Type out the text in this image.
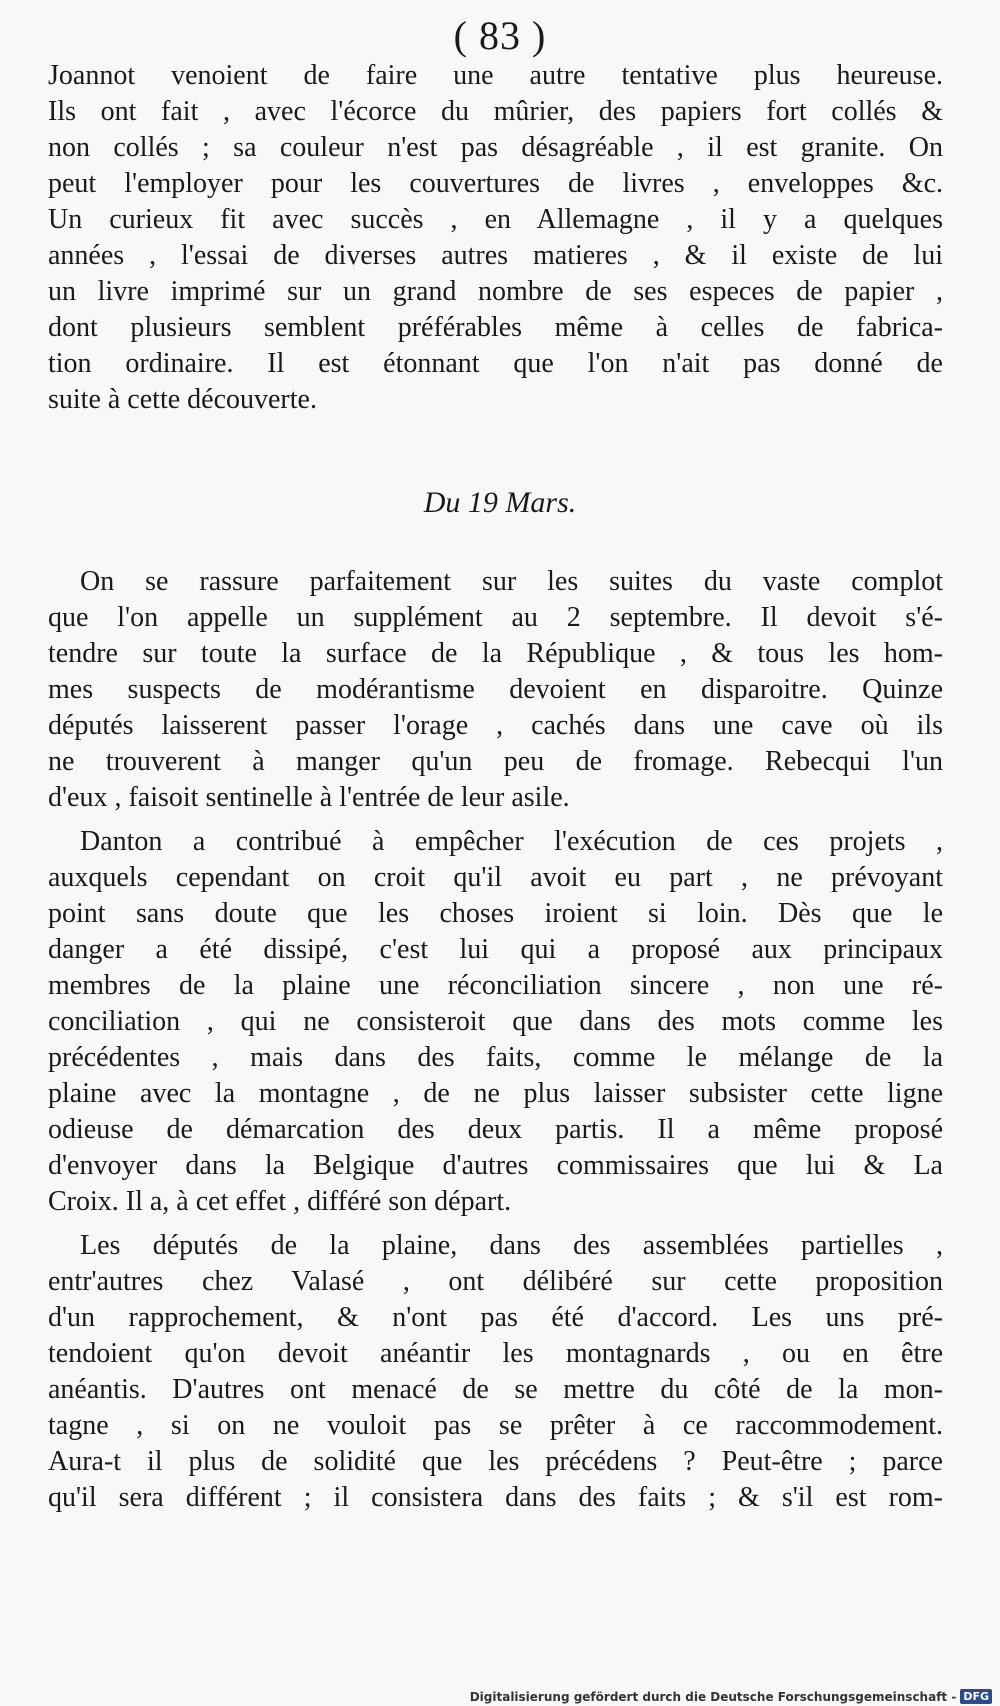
( 83 )
Joannot venoient de faire une autre tentative plus heureuse.
Ils ont fait , avec l'écorce du mûrier, des papiers fort collés &
non collés ; sa couleur n'est pas désagréable , il est granite. On
peut l'employer pour les couvertures de livres , enveloppes &c.
Un curieux fit avec succès , en Allemagne , il y a quelques
années , l'essai de diverses autres matieres , & il existe de lui
un livre imprimé sur un grand nombre de ses especes de papier ,
dont plusieurs semblent préférables même à celles de fabrica-
tion ordinaire. Il est étonnant que l'on n'ait pas donné de
suite à cette découverte.
Du 19 Mars.
On se rassure parfaitement sur les suites du vaste complot
que l'on appelle un supplément au 2 septembre. Il devoit s'é-
tendre sur toute la surface de la République , & tous les hom-
mes suspects de modérantisme devoient en disparoitre. Quinze
députés laisserent passer l'orage , cachés dans une cave où ils
ne trouverent à manger qu'un peu de fromage. Rebecqui l'un
d'eux , faisoit sentinelle à l'entrée de leur asile.
Danton a contribué à empêcher l'exécution de ces projets ,
auxquels cependant on croit qu'il avoit eu part , ne prévoyant
point sans doute que les choses iroient si loin. Dès que le
danger a été dissipé, c'est lui qui a proposé aux principaux
membres de la plaine une réconciliation sincere , non une ré-
conciliation , qui ne consisteroit que dans des mots comme les
précédentes , mais dans des faits, comme le mélange de la
plaine avec la montagne , de ne plus laisser subsister cette ligne
odieuse de démarcation des deux partis. Il a même proposé
d'envoyer dans la Belgique d'autres commissaires que lui & La
Croix. Il a, à cet effet , différé son départ.
Les députés de la plaine, dans des assemblées partielles ,
entr'autres chez Valasé , ont délibéré sur cette proposition
d'un rapprochement, & n'ont pas été d'accord. Les uns pré-
tendoient qu'on devoit anéantir les montagnards , ou en être
anéantis. D'autres ont menacé de se mettre du côté de la mon-
tagne , si on ne vouloit pas se prêter à ce raccommodement.
Aura-t il plus de solidité que les précédens ? Peut-être ; parce
qu'il sera différent ; il consistera dans des faits ; & s'il est rom-
Digitalisierung gefördert durch die Deutsche Forschungsgemeinschaft - DFG
